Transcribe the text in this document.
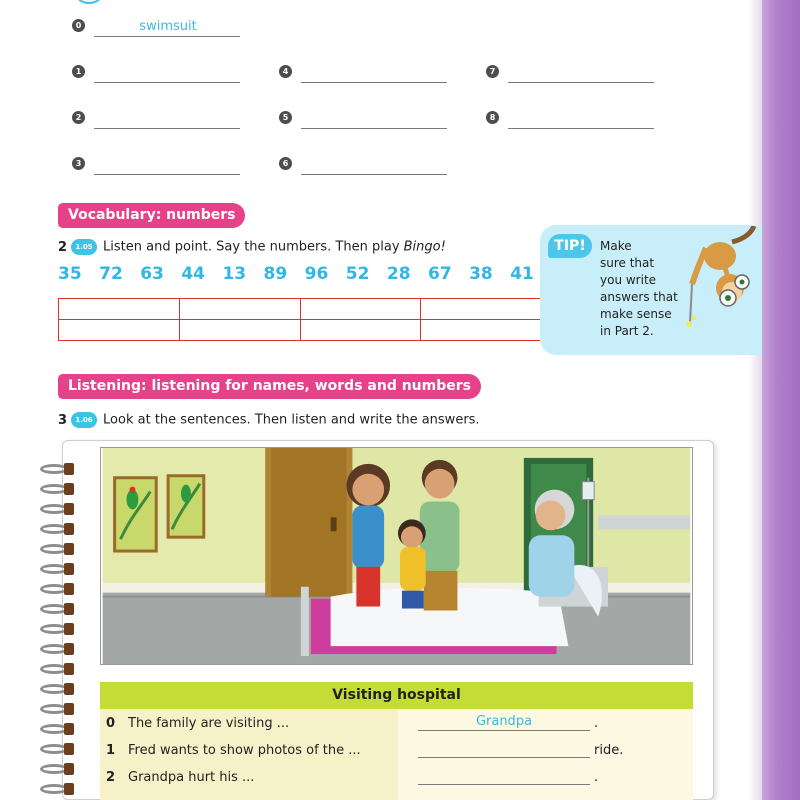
0	swimsuit
1
2
3
4
5
6
7
8
Vocabulary: numbers
2 1.05 Listen and point. Say the numbers. Then play Bingo!
35 72 63 44 13 89 96 52 28 67 38 41

TIP!	Make
sure that
you write
answers that
make sense
in Part 2.
Listening: listening for names, words and numbers
3 1.06 Look at the sentences. Then listen and write the answers.
Visiting hospital
0 The family are visiting ...	Grandpa	.
1 Fred wants to show photos of the ...	ride.
2 Grandpa hurt his ...	.
